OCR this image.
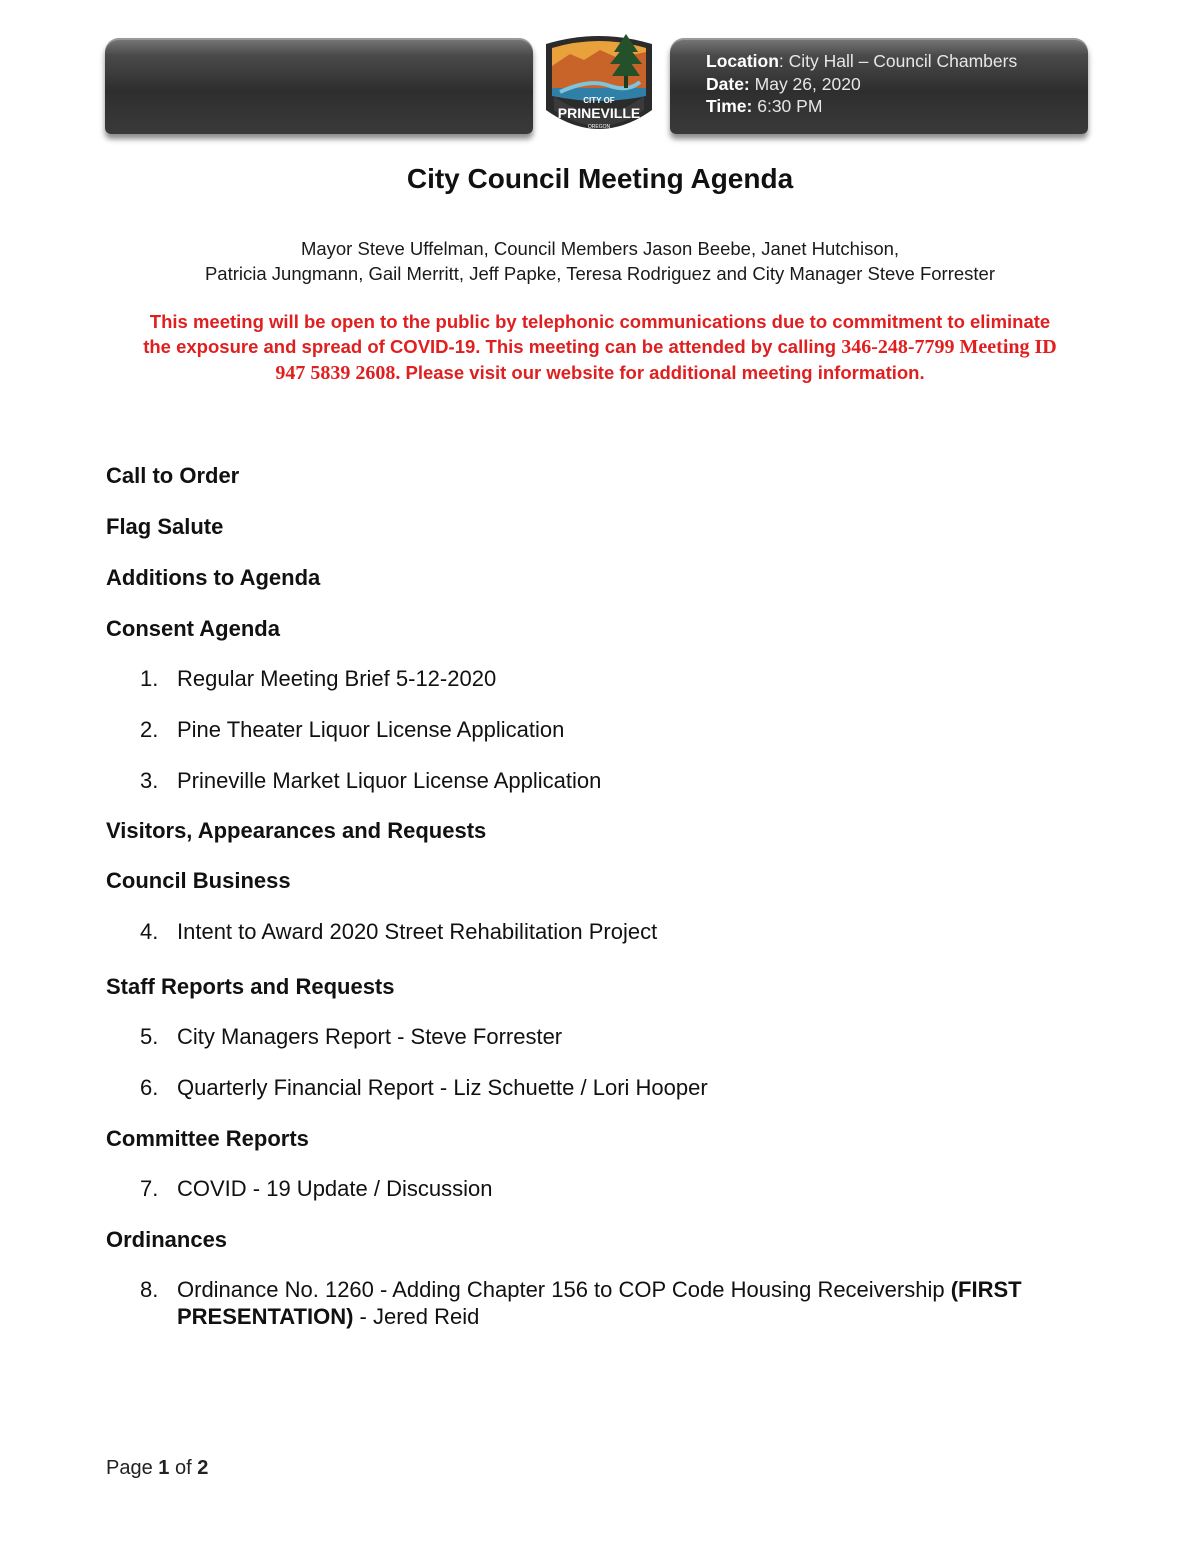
Location: City Hall – Council Chambers
Date: May 26, 2020
Time: 6:30 PM
CITY OF
PRINEVILLE
OREGON
City Council Meeting Agenda
Mayor Steve Uffelman, Council Members Jason Beebe, Janet Hutchison,
Patricia Jungmann, Gail Merritt, Jeff Papke, Teresa Rodriguez and City Manager Steve Forrester
This meeting will be open to the public by telephonic communications due to commitment to eliminate
the exposure and spread of COVID-19. This meeting can be attended by calling 346-248-7799 Meeting ID
947 5839 2608. Please visit our website for additional meeting information.
Call to Order
Flag Salute
Additions to Agenda
Consent Agenda
1. Regular Meeting Brief 5-12-2020
2. Pine Theater Liquor License Application
3. Prineville Market Liquor License Application
Visitors, Appearances and Requests
Council Business
4. Intent to Award 2020 Street Rehabilitation Project
Staff Reports and Requests
5. City Managers Report - Steve Forrester
6. Quarterly Financial Report - Liz Schuette / Lori Hooper
Committee Reports
7. COVID - 19 Update / Discussion
Ordinances
8. Ordinance No. 1260 - Adding Chapter 156 to COP Code Housing Receivership (FIRST
PRESENTATION) - Jered Reid
Page 1 of 2
